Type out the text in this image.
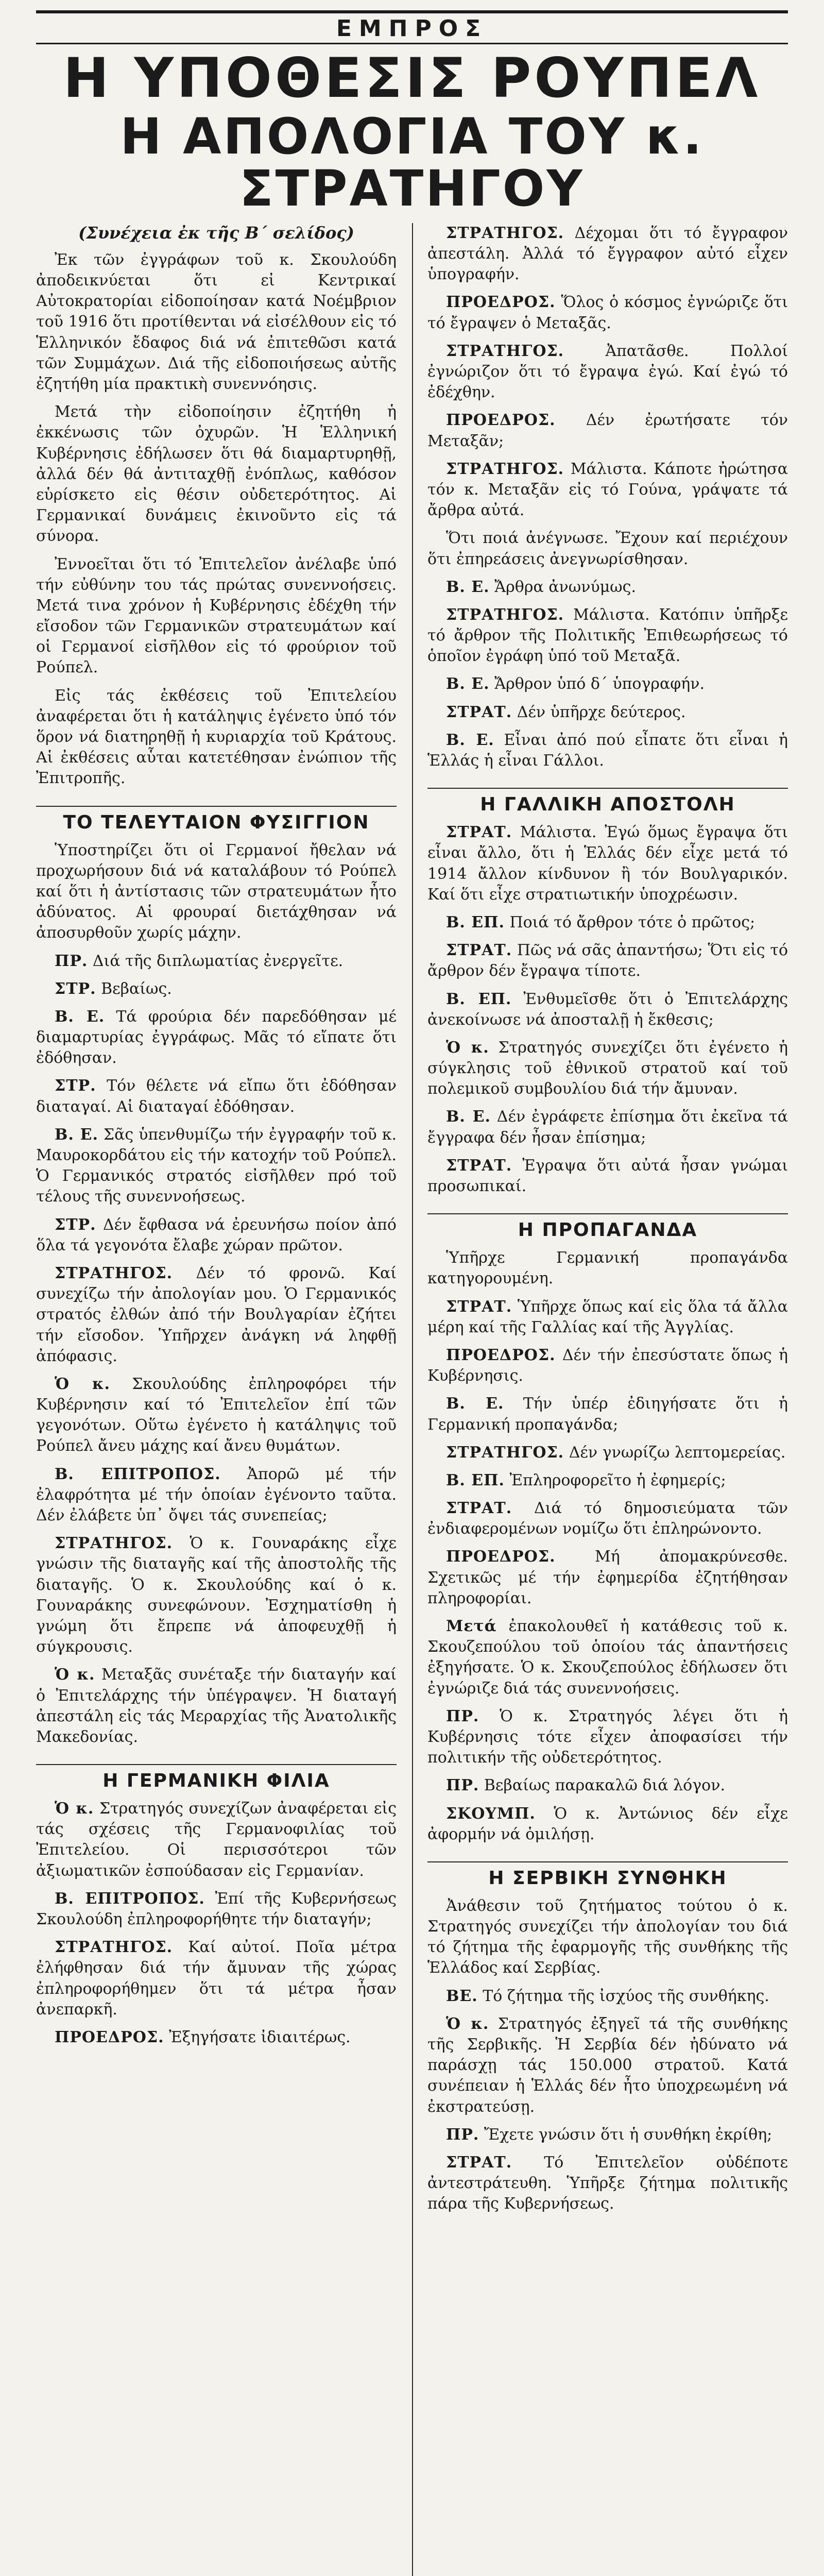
ΕΜΠΡΟΣ
Η ΥΠΟΘΕΣΙΣ ΡΟΥΠΕΛ
Η ΑΠΟΛΟΓΙΑ ΤΟΥ κ. ΣΤΡΑΤΗΓΟΥ
(Συνέχεια ἐκ τῆς Β΄ σελίδος)

Ἐκ τῶν ἐγγράφων τοῦ κ. Σκουλούδη ἀποδεικνύεται ὅτι εἰ Κεντρικαί Αὐτοκρατορίαι εἰδοποίησαν κατά Νοέμβριον τοῦ 1916 ὅτι προτίθενται νά εἰσέλθουν εἰς τό Ἑλληνικόν ἔδαφος διά νά ἐπιτεθῶσι κατά τῶν Συμμάχων. Διά τῆς εἰδοποιήσεως αὐτῆς ἐζητήθη μία πρακτικὴ συνεννόησις.

Μετά τὴν εἰδοποίησιν ἐζητήθη ἡ ἐκκένωσις τῶν ὀχυρῶν. Ἡ Ἑλληνική Κυβέρνησις ἐδήλωσεν ὅτι θά διαμαρτυρηθῇ, ἀλλά δέν θά ἀντιταχθῇ ἐνόπλως, καθόσον εὑρίσκετο εἰς θέσιν οὐδετερότητος. Αἱ Γερμανικαί δυνάμεις ἐκινοῦντο εἰς τά σύνορα.

Ἐννοεῖται ὅτι τό Ἐπιτελεῖον ἀνέλαβε ὑπό τήν εὐθύνην του τάς πρώτας συνεννοήσεις. Μετά τινα χρόνον ἡ Κυβέρνησις ἐδέχθη τήν εἴσοδον τῶν Γερμανικῶν στρατευμάτων καί οἱ Γερμανοί εἰσῆλθον εἰς τό φρούριον τοῦ Ρούπελ.

Εἰς τάς ἐκθέσεις τοῦ Ἐπιτελείου ἀναφέρεται ὅτι ἡ κατάληψις ἐγένετο ὑπό τόν ὅρον νά διατηρηθῇ ἡ κυριαρχία τοῦ Κράτους. Αἱ ἐκθέσεις αὗται κατετέθησαν ἐνώπιον τῆς Ἐπιτροπῆς.

ΤΟ ΤΕΛΕΥΤΑΙΟΝ ΦΥΣΙΓΓΙΟΝ

Ὑποστηρίζει ὅτι οἱ Γερμανοί ἤθελαν νά προχωρήσουν διά νά καταλάβουν τό Ρούπελ καί ὅτι ἡ ἀντίστασις τῶν στρατευμάτων ἦτο ἀδύνατος. Αἱ φρουραί διετάχθησαν νά ἀποσυρθοῦν χωρίς μάχην.

ΠΡ. Διά τῆς διπλωματίας ἐνεργεῖτε.

ΣΤΡ. Βεβαίως.

Β. Ε. Τά φρούρια δέν παρεδόθησαν μέ διαμαρτυρίας ἐγγράφως. Μᾶς τό εἴπατε ὅτι ἐδόθησαν.

ΣΤΡ. Τόν θέλετε νά εἴπω ὅτι ἐδόθησαν διαταγαί. Αἱ διαταγαί ἐδόθησαν.

Β. Ε. Σᾶς ὑπενθυμίζω τήν ἐγγραφήν τοῦ κ. Μαυροκορδάτου εἰς τήν κατοχήν τοῦ Ρούπελ. Ὁ Γερμανικός στρατός εἰσῆλθεν πρό τοῦ τέλους τῆς συνεννοήσεως.

ΣΤΡ. Δέν ἔφθασα νά ἐρευνήσω ποίον ἀπό ὅλα τά γεγονότα ἔλαβε χώραν πρῶτον.

ΣΤΡΑΤΗΓΟΣ. Δέν τό φρονῶ. Καί συνεχίζω τήν ἀπολογίαν μου. Ὁ Γερμανικός στρατός ἐλθών ἀπό τήν Βουλγαρίαν ἐζήτει τήν εἴσοδον. Ὑπῆρχεν ἀνάγκη νά ληφθῇ ἀπόφασις.

Ὁ κ. Σκουλούδης ἐπληροφόρει τήν Κυβέρνησιν καί τό Ἐπιτελεῖον ἐπί τῶν γεγονότων. Οὕτω ἐγένετο ἡ κατάληψις τοῦ Ρούπελ ἄνευ μάχης καί ἄνευ θυμάτων.

Β. ΕΠΙΤΡΟΠΟΣ. Ἀπορῶ μέ τήν ἐλαφρότητα μέ τήν ὁποίαν ἐγένοντο ταῦτα. Δέν ἐλάβετε ὑπ᾽ ὄψει τάς συνεπείας;

ΣΤΡΑΤΗΓΟΣ. Ὁ κ. Γουναράκης εἶχε γνώσιν τῆς διαταγῆς καί τῆς ἀποστολῆς τῆς διαταγῆς. Ὁ κ. Σκουλούδης καί ὁ κ. Γουναράκης συνεφώνουν. Ἐσχηματίσθη ἡ γνώμη ὅτι ἔπρεπε νά ἀποφευχθῇ ἡ σύγκρουσις.

Ὁ κ. Μεταξᾶς συνέταξε τήν διαταγήν καί ὁ Ἐπιτελάρχης τήν ὑπέγραψεν. Ἡ διαταγή ἀπεστάλη εἰς τάς Μεραρχίας τῆς Ἀνατολικῆς Μακεδονίας.

Η ΓΕΡΜΑΝΙΚΗ ΦΙΛΙΑ

Ὁ κ. Στρατηγός συνεχίζων ἀναφέρεται εἰς τάς σχέσεις τῆς Γερμανοφιλίας τοῦ Ἐπιτελείου. Οἱ περισσότεροι τῶν ἀξιωματικῶν ἐσπούδασαν εἰς Γερμανίαν.

Β. ΕΠΙΤΡΟΠΟΣ. Ἐπί τῆς Κυβερνήσεως Σκουλούδη ἐπληροφορήθητε τήν διαταγήν;

ΣΤΡΑΤΗΓΟΣ. Καί αὐτοί. Ποῖα μέτρα ἐλήφθησαν διά τήν ἄμυναν τῆς χώρας ἐπληροφορήθημεν ὅτι τά μέτρα ἦσαν ἀνεπαρκῆ.

ΠΡΟΕΔΡΟΣ. Ἐξηγήσατε ἰδιαιτέρως.

ΣΤΡΑΤΗΓΟΣ. Δέχομαι ὅτι τό ἔγγραφον ἀπεστάλη. Ἀλλά τό ἔγγραφον αὐτό εἶχεν ὑπογραφήν.

ΠΡΟΕΔΡΟΣ. Ὅλος ὁ κόσμος ἐγνώριζε ὅτι τό ἔγραψεν ὁ Μεταξᾶς.

ΣΤΡΑΤΗΓΟΣ.	Ἀπατᾶσθε. Πολλοί ἐγνώριζον ὅτι τό ἔγραψα ἐγώ. Καί ἐγώ τό ἐδέχθην.

ΠΡΟΕΔΡΟΣ. Δέν ἐρωτήσατε τόν Μεταξᾶν;

ΣΤΡΑΤΗΓΟΣ. Μάλιστα. Κάποτε ἠρώτησα τόν κ. Μεταξᾶν εἰς τό Γούνα, γράψατε τά ἄρθρα αὐτά.

Ὅτι ποιά ἀνέγνωσε. Ἔχουν καί περιέχουν ὅτι ἐπηρεάσεις ἀνεγνωρίσθησαν.

Β. Ε. Ἄρθρα ἀνωνύμως.

ΣΤΡΑΤΗΓΟΣ. Μάλιστα. Κατόπιν ὑπῆρξε τό ἄρθρον τῆς Πολιτικῆς Ἐπιθεωρήσεως τό ὁποῖον ἐγράφη ὑπό τοῦ Μεταξᾶ.

Β. Ε. Ἄρθρον ὑπό δ΄ ὑπογραφήν.

ΣΤΡΑΤ. Δέν ὑπῆρχε δεύτερος.

Β. Ε. Εἶναι ἀπό πού εἶπατε ὅτι εἶναι ἡ Ἑλλάς ἡ εἶναι Γάλλοι.

Η ΓΑΛΛΙΚΗ ΑΠΟΣΤΟΛΗ

ΣΤΡΑΤ. Μάλιστα. Ἐγώ ὅμως ἔγραψα ὅτι εἶναι ἄλλο, ὅτι ἡ Ἑλλάς δέν εἶχε μετά τό 1914 ἄλλον κίνδυνον ἢ τόν Βουλγαρικόν. Καί ὅτι εἶχε στρατιωτικήν ὑποχρέωσιν.

Β. ΕΠ. Ποιά τό ἄρθρον τότε ὁ πρῶτος;

ΣΤΡΑΤ. Πῶς νά σᾶς ἀπαντήσω; Ὅτι εἰς τό ἄρθρον δέν ἔγραψα τίποτε.

Β. ΕΠ. Ἐνθυμεῖσθε ὅτι ὁ Ἐπιτελάρχης ἀνεκοίνωσε νά ἀποσταλῇ ἡ ἔκθεσις;

Ὁ κ. Στρατηγός συνεχίζει ὅτι ἐγένετο ἡ σύγκλησις τοῦ ἐθνικοῦ στρατοῦ καί τοῦ πολεμικοῦ συμβουλίου διά τήν ἄμυναν.

Β. Ε. Δέν ἐγράφετε ἐπίσημα ὅτι ἐκεῖνα τά ἔγγραφα δέν ἦσαν ἐπίσημα;

ΣΤΡΑΤ. Ἐγραψα ὅτι αὐτά ἦσαν γνώμαι προσωπικαί.

Η ΠΡΟΠΑΓΑΝΔΑ

Ὑπῆρχε Γερμανική προπαγάνδα κατηγορουμένη.

ΣΤΡΑΤ. Ὑπῆρχε ὅπως καί εἰς ὅλα τά ἄλλα μέρη καί τῆς Γαλλίας καί τῆς Ἀγγλίας.

ΠΡΟΕΔΡΟΣ. Δέν τήν ἐπεσύστατε ὅπως ἡ Κυβέρνησις.

Β. Ε. Τήν ὑπέρ ἐδιηγήσατε ὅτι ἡ Γερμανική προπαγάνδα;

ΣΤΡΑΤΗΓΟΣ. Δέν γνωρίζω λεπτομερείας.

Β. ΕΠ. Ἐπληροφορεῖτο ἡ ἐφημερίς;

ΣΤΡΑΤ. Διά τό δημοσιεύματα τῶν ἐνδιαφερομένων νομίζω ὅτι ἐπληρώνοντο.

ΠΡΟΕΔΡΟΣ.	Μή ἀπομακρύνεσθε. Σχετικῶς μέ τήν ἐφημερίδα ἐζητήθησαν πληροφορίαι.

Μετά ἐπακολουθεῖ ἡ κατάθεσις τοῦ κ. Σκουζεπούλου τοῦ ὁποίου τάς ἀπαντήσεις ἐξηγήσατε. Ὁ κ. Σκουζεπούλος ἐδήλωσεν ὅτι ἐγνώριζε διά τάς συνεννοήσεις.

ΠΡ. Ὁ κ. Στρατηγός λέγει ὅτι ἡ Κυβέρνησις τότε εἶχεν ἀποφασίσει τήν πολιτικήν τῆς οὐδετερότητος.

ΠΡ. Βεβαίως παρακαλῶ διά λόγον.

ΣΚΟΥΜΠ. Ὁ κ. Ἀντώνιος δέν εἶχε ἀφορμήν νά ὁμιλήσῃ.

Η ΣΕΡΒΙΚΗ ΣΥΝΘΗΚΗ

Ἀνάθεσιν τοῦ ζητήματος τούτου ὁ κ. Στρατηγός συνεχίζει τήν ἀπολογίαν του διά τό ζήτημα τῆς ἐφαρμογῆς τῆς συνθήκης τῆς Ἑλλάδος καί Σερβίας.

ΒΕ. Τό ζήτημα τῆς ἰσχύος τῆς συνθήκης.

Ὁ κ. Στρατηγός ἐξηγεῖ τά τῆς συνθήκης τῆς Σερβικῆς. Ἡ Σερβία δέν ἠδύνατο νά παράσχῃ τάς 150.000 στρατοῦ. Κατά συνέπειαν ἡ Ἑλλάς δέν ἦτο ὑποχρεωμένη νά ἐκστρατεύσῃ.

ΠΡ. Ἔχετε γνώσιν ὅτι ἡ συνθήκη ἐκρίθη;

ΣΤΡΑΤ. Τό Ἐπιτελεῖον οὐδέποτε ἀντεστράτευθη. Ὑπῆρξε ζήτημα πολιτικῆς πάρα τῆς Κυβερνήσεως.
